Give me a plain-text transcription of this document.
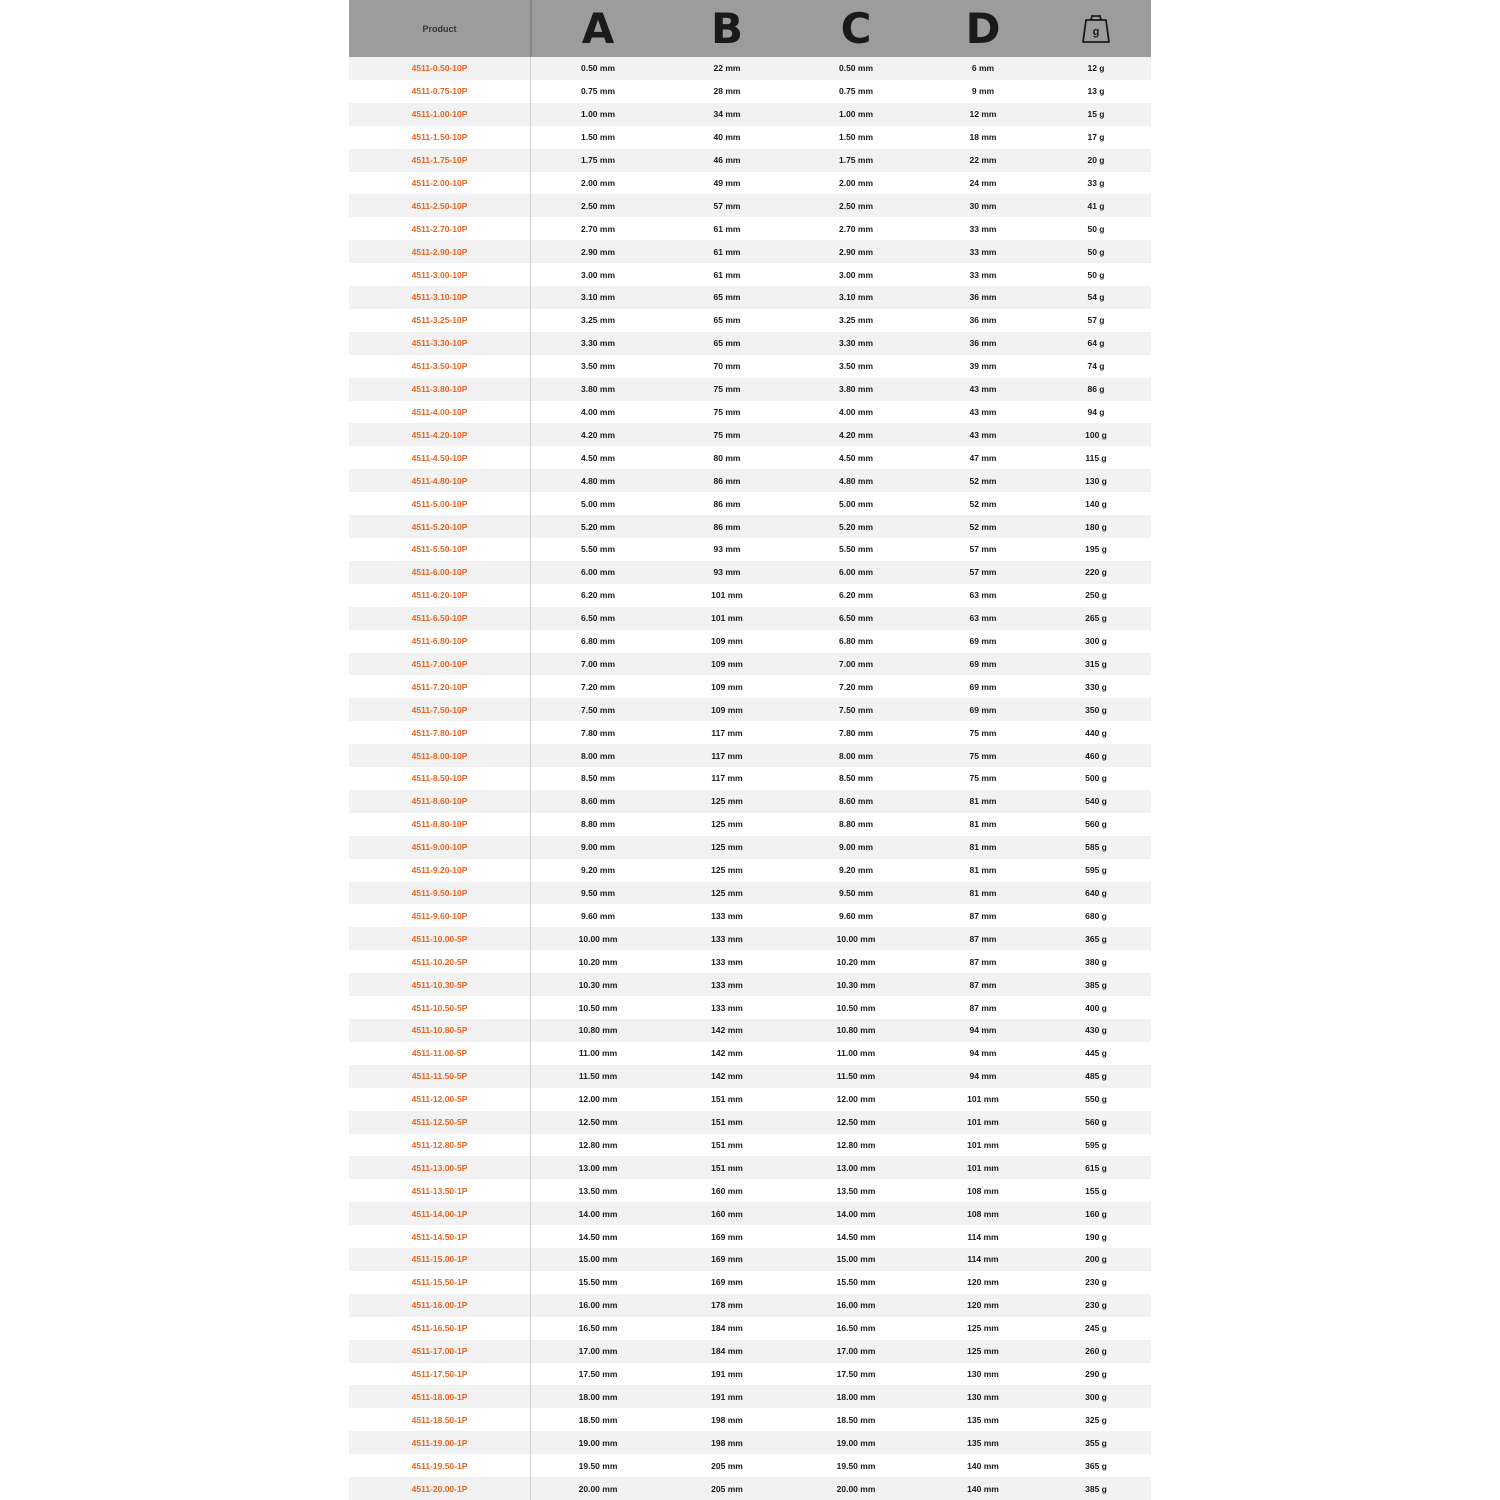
Product	A	B	C	D	g
4511-0.50-10P	0.50 mm	22 mm	0.50 mm	6 mm	12 g
4511-0.75-10P	0.75 mm	28 mm	0.75 mm	9 mm	13 g
4511-1.00-10P	1.00 mm	34 mm	1.00 mm	12 mm	15 g
4511-1.50-10P	1.50 mm	40 mm	1.50 mm	18 mm	17 g
4511-1.75-10P	1.75 mm	46 mm	1.75 mm	22 mm	20 g
4511-2.00-10P	2.00 mm	49 mm	2.00 mm	24 mm	33 g
4511-2.50-10P	2.50 mm	57 mm	2.50 mm	30 mm	41 g
4511-2.70-10P	2.70 mm	61 mm	2.70 mm	33 mm	50 g
4511-2.90-10P	2.90 mm	61 mm	2.90 mm	33 mm	50 g
4511-3.00-10P	3.00 mm	61 mm	3.00 mm	33 mm	50 g
4511-3.10-10P	3.10 mm	65 mm	3.10 mm	36 mm	54 g
4511-3.25-10P	3.25 mm	65 mm	3.25 mm	36 mm	57 g
4511-3.30-10P	3.30 mm	65 mm	3.30 mm	36 mm	64 g
4511-3.50-10P	3.50 mm	70 mm	3.50 mm	39 mm	74 g
4511-3.80-10P	3.80 mm	75 mm	3.80 mm	43 mm	86 g
4511-4.00-10P	4.00 mm	75 mm	4.00 mm	43 mm	94 g
4511-4.20-10P	4.20 mm	75 mm	4.20 mm	43 mm	100 g
4511-4.50-10P	4.50 mm	80 mm	4.50 mm	47 mm	115 g
4511-4.80-10P	4.80 mm	86 mm	4.80 mm	52 mm	130 g
4511-5.00-10P	5.00 mm	86 mm	5.00 mm	52 mm	140 g
4511-5.20-10P	5.20 mm	86 mm	5.20 mm	52 mm	180 g
4511-5.50-10P	5.50 mm	93 mm	5.50 mm	57 mm	195 g
4511-6.00-10P	6.00 mm	93 mm	6.00 mm	57 mm	220 g
4511-6.20-10P	6.20 mm	101 mm	6.20 mm	63 mm	250 g
4511-6.50-10P	6.50 mm	101 mm	6.50 mm	63 mm	265 g
4511-6.80-10P	6.80 mm	109 mm	6.80 mm	69 mm	300 g
4511-7.00-10P	7.00 mm	109 mm	7.00 mm	69 mm	315 g
4511-7.20-10P	7.20 mm	109 mm	7.20 mm	69 mm	330 g
4511-7.50-10P	7.50 mm	109 mm	7.50 mm	69 mm	350 g
4511-7.80-10P	7.80 mm	117 mm	7.80 mm	75 mm	440 g
4511-8.00-10P	8.00 mm	117 mm	8.00 mm	75 mm	460 g
4511-8.50-10P	8.50 mm	117 mm	8.50 mm	75 mm	500 g
4511-8.60-10P	8.60 mm	125 mm	8.60 mm	81 mm	540 g
4511-8.80-10P	8.80 mm	125 mm	8.80 mm	81 mm	560 g
4511-9.00-10P	9.00 mm	125 mm	9.00 mm	81 mm	585 g
4511-9.20-10P	9.20 mm	125 mm	9.20 mm	81 mm	595 g
4511-9.50-10P	9.50 mm	125 mm	9.50 mm	81 mm	640 g
4511-9.60-10P	9.60 mm	133 mm	9.60 mm	87 mm	680 g
4511-10.00-5P	10.00 mm	133 mm	10.00 mm	87 mm	365 g
4511-10.20-5P	10.20 mm	133 mm	10.20 mm	87 mm	380 g
4511-10.30-5P	10.30 mm	133 mm	10.30 mm	87 mm	385 g
4511-10.50-5P	10.50 mm	133 mm	10.50 mm	87 mm	400 g
4511-10.80-5P	10.80 mm	142 mm	10.80 mm	94 mm	430 g
4511-11.00-5P	11.00 mm	142 mm	11.00 mm	94 mm	445 g
4511-11.50-5P	11.50 mm	142 mm	11.50 mm	94 mm	485 g
4511-12.00-5P	12.00 mm	151 mm	12.00 mm	101 mm	550 g
4511-12.50-5P	12.50 mm	151 mm	12.50 mm	101 mm	560 g
4511-12.80-5P	12.80 mm	151 mm	12.80 mm	101 mm	595 g
4511-13.00-5P	13.00 mm	151 mm	13.00 mm	101 mm	615 g
4511-13.50-1P	13.50 mm	160 mm	13.50 mm	108 mm	155 g
4511-14.00-1P	14.00 mm	160 mm	14.00 mm	108 mm	160 g
4511-14.50-1P	14.50 mm	169 mm	14.50 mm	114 mm	190 g
4511-15.00-1P	15.00 mm	169 mm	15.00 mm	114 mm	200 g
4511-15.50-1P	15.50 mm	169 mm	15.50 mm	120 mm	230 g
4511-16.00-1P	16.00 mm	178 mm	16.00 mm	120 mm	230 g
4511-16.50-1P	16.50 mm	184 mm	16.50 mm	125 mm	245 g
4511-17.00-1P	17.00 mm	184 mm	17.00 mm	125 mm	260 g
4511-17.50-1P	17.50 mm	191 mm	17.50 mm	130 mm	290 g
4511-18.00-1P	18.00 mm	191 mm	18.00 mm	130 mm	300 g
4511-18.50-1P	18.50 mm	198 mm	18.50 mm	135 mm	325 g
4511-19.00-1P	19.00 mm	198 mm	19.00 mm	135 mm	355 g
4511-19.50-1P	19.50 mm	205 mm	19.50 mm	140 mm	365 g
4511-20.00-1P	20.00 mm	205 mm	20.00 mm	140 mm	385 g
